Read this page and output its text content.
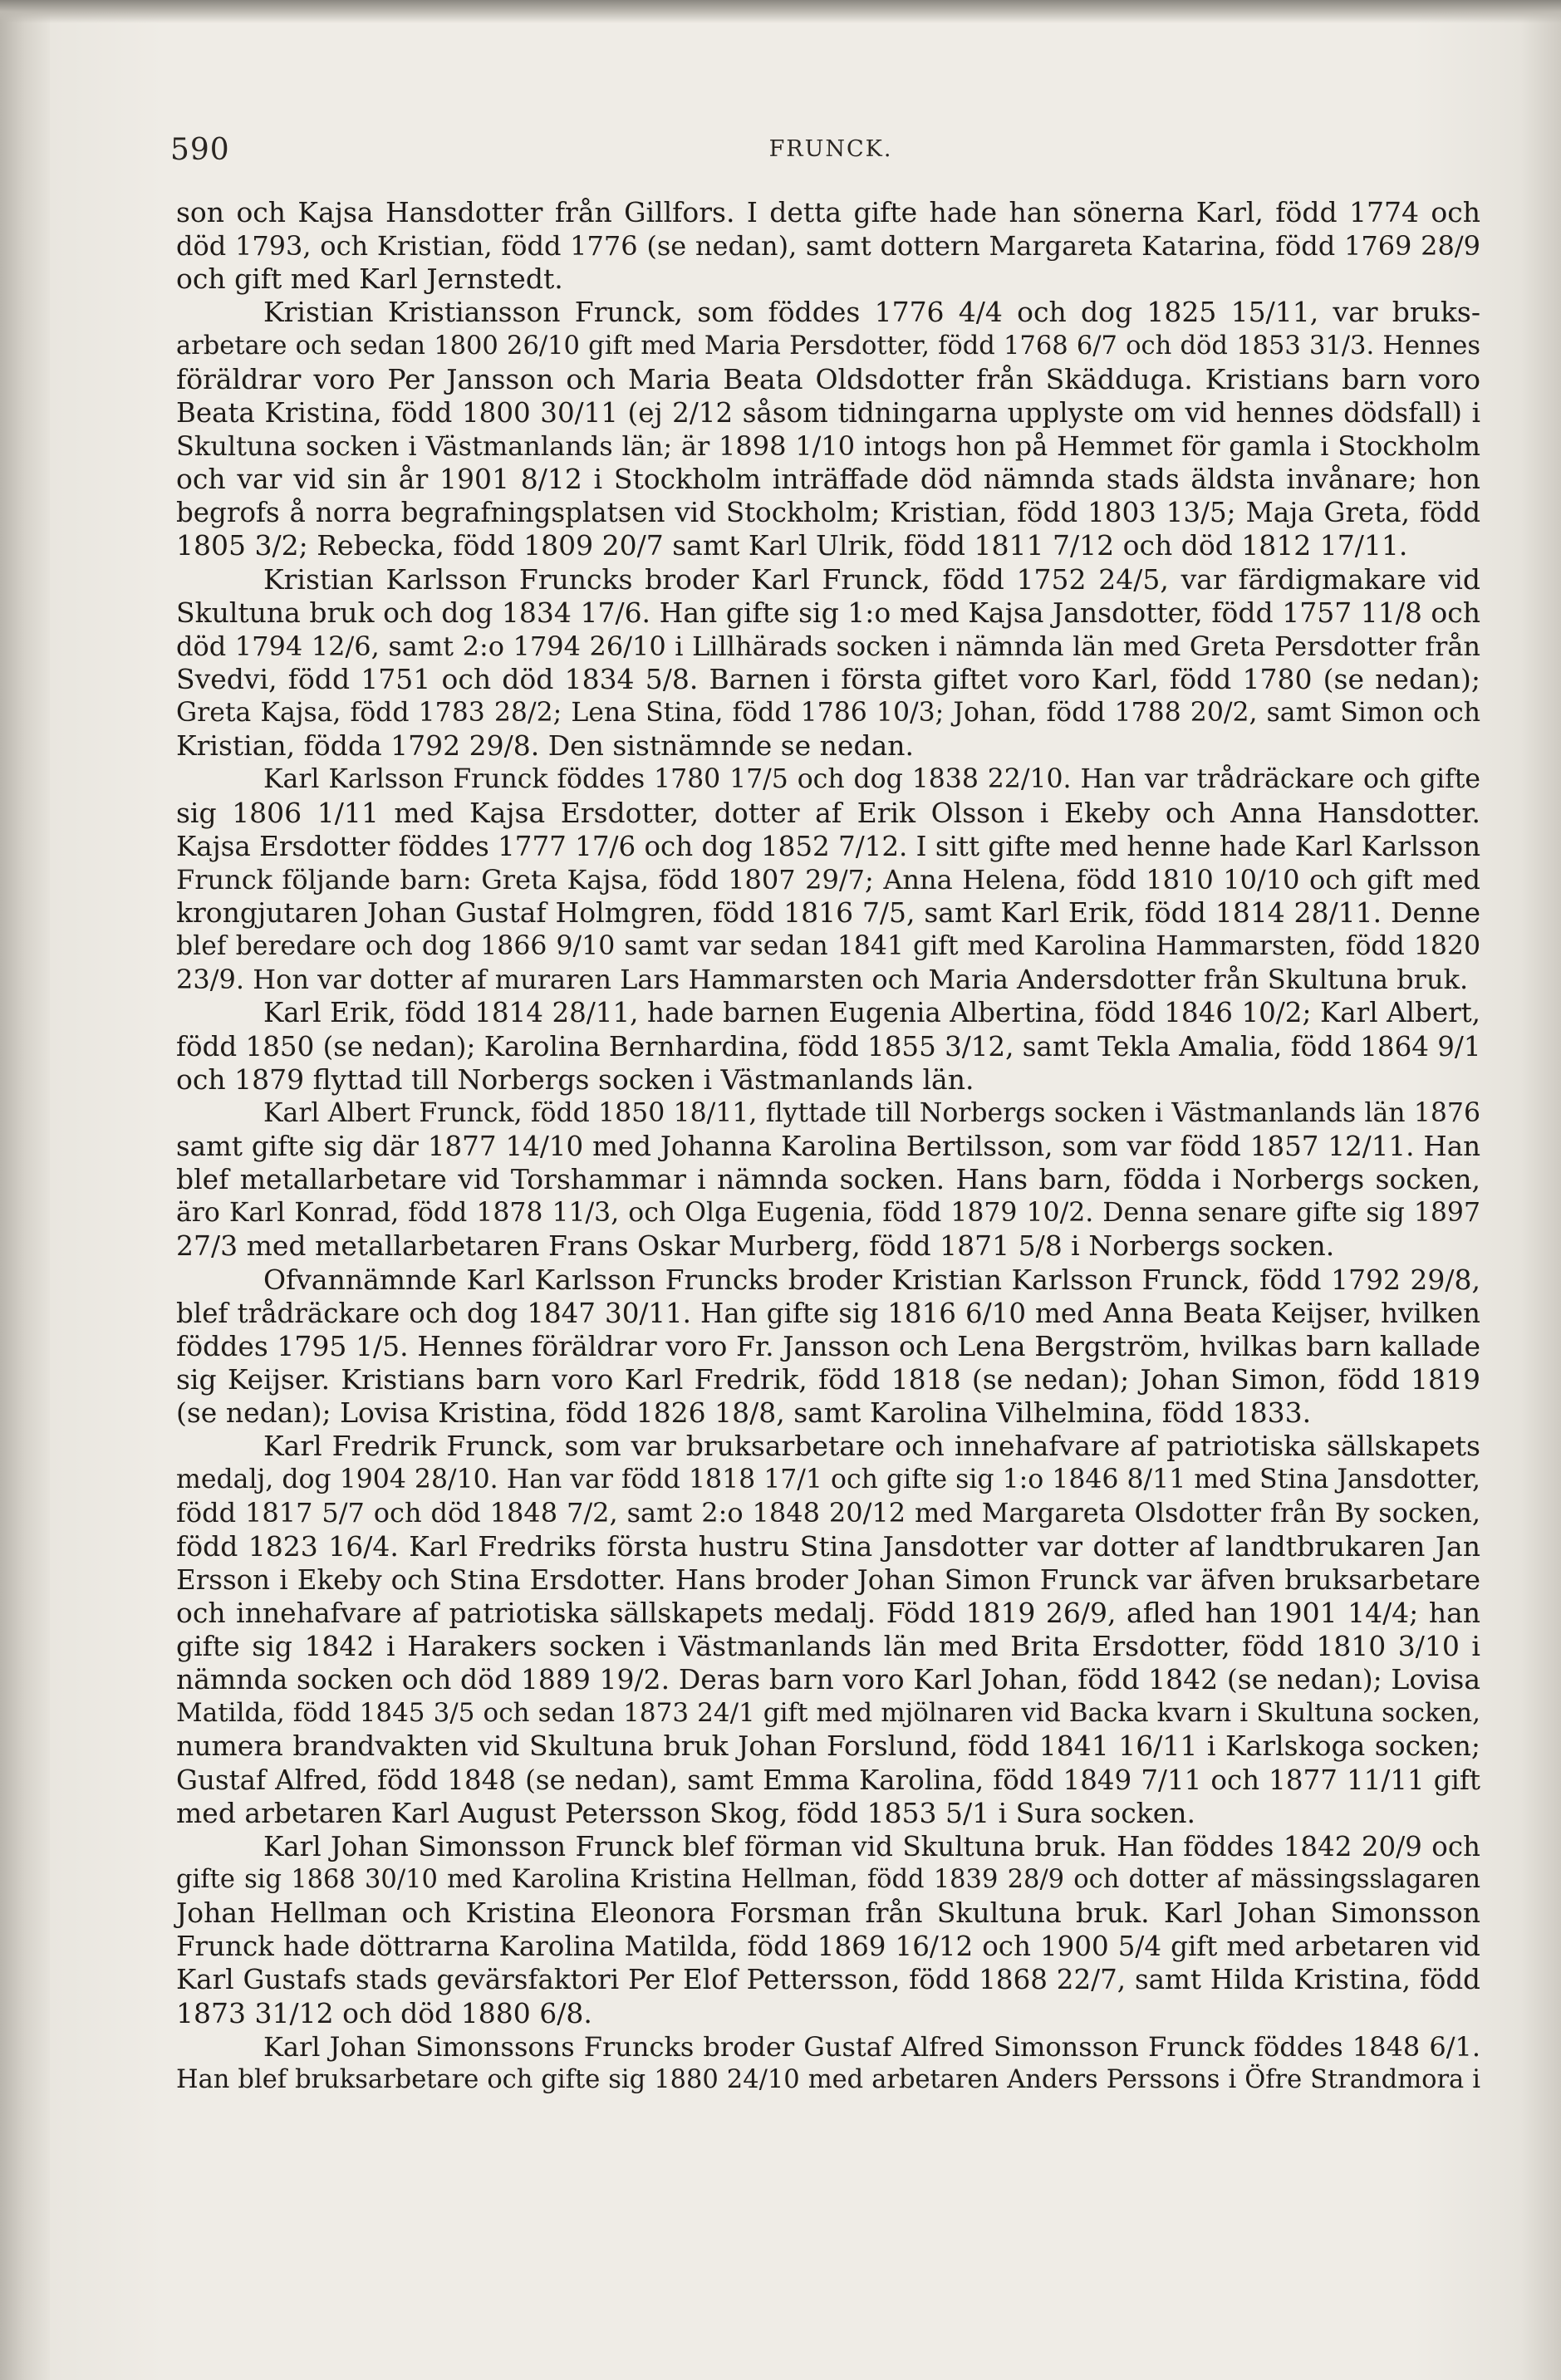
590	FRUNCK.
son och Kajsa Hansdotter från Gillfors. I detta gifte hade han sönerna Karl, född 1774 och
död 1793, och Kristian, född 1776 (se nedan), samt dottern Margareta Katarina, född 1769 28/9
och gift med Karl Jernstedt.
Kristian Kristiansson Frunck, som föddes 1776 4/4 och dog 1825 15/11, var bruks-
arbetare och sedan 1800 26/10 gift med Maria Persdotter, född 1768 6/7 och död 1853 31/3. Hennes
föräldrar voro Per Jansson och Maria Beata Oldsdotter från Skädduga. Kristians barn voro
Beata Kristina, född 1800 30/11 (ej 2/12 såsom tidningarna upplyste om vid hennes dödsfall) i
Skultuna socken i Västmanlands län; är 1898 1/10 intogs hon på Hemmet för gamla i Stockholm
och var vid sin år 1901 8/12 i Stockholm inträffade död nämnda stads äldsta invånare; hon
begrofs å norra begrafningsplatsen vid Stockholm; Kristian, född 1803 13/5; Maja Greta, född
1805 3/2; Rebecka, född 1809 20/7 samt Karl Ulrik, född 1811 7/12 och död 1812 17/11.
Kristian Karlsson Fruncks broder Karl Frunck, född 1752 24/5, var färdigmakare vid
Skultuna bruk och dog 1834 17/6. Han gifte sig 1:o med Kajsa Jansdotter, född 1757 11/8 och
död 1794 12/6, samt 2:o 1794 26/10 i Lillhärads socken i nämnda län med Greta Persdotter från
Svedvi, född 1751 och död 1834 5/8. Barnen i första giftet voro Karl, född 1780 (se nedan);
Greta Kajsa, född 1783 28/2; Lena Stina, född 1786 10/3; Johan, född 1788 20/2, samt Simon och
Kristian, födda 1792 29/8. Den sistnämnde se nedan.
Karl Karlsson Frunck föddes 1780 17/5 och dog 1838 22/10. Han var trådräckare och gifte
sig 1806 1/11 med Kajsa Ersdotter, dotter af Erik Olsson i Ekeby och Anna Hansdotter.
Kajsa Ersdotter föddes 1777 17/6 och dog 1852 7/12. I sitt gifte med henne hade Karl Karlsson
Frunck följande barn: Greta Kajsa, född 1807 29/7; Anna Helena, född 1810 10/10 och gift med
krongjutaren Johan Gustaf Holmgren, född 1816 7/5, samt Karl Erik, född 1814 28/11. Denne
blef beredare och dog 1866 9/10 samt var sedan 1841 gift med Karolina Hammarsten, född 1820
23/9. Hon var dotter af muraren Lars Hammarsten och Maria Andersdotter från Skultuna bruk.
Karl Erik, född 1814 28/11, hade barnen Eugenia Albertina, född 1846 10/2; Karl Albert,
född 1850 (se nedan); Karolina Bernhardina, född 1855 3/12, samt Tekla Amalia, född 1864 9/1
och 1879 flyttad till Norbergs socken i Västmanlands län.
Karl Albert Frunck, född 1850 18/11, flyttade till Norbergs socken i Västmanlands län 1876
samt gifte sig där 1877 14/10 med Johanna Karolina Bertilsson, som var född 1857 12/11. Han
blef metallarbetare vid Torshammar i nämnda socken. Hans barn, födda i Norbergs socken,
äro Karl Konrad, född 1878 11/3, och Olga Eugenia, född 1879 10/2. Denna senare gifte sig 1897
27/3 med metallarbetaren Frans Oskar Murberg, född 1871 5/8 i Norbergs socken.
Ofvannämnde Karl Karlsson Fruncks broder Kristian Karlsson Frunck, född 1792 29/8,
blef trådräckare och dog 1847 30/11. Han gifte sig 1816 6/10 med Anna Beata Keijser, hvilken
föddes 1795 1/5. Hennes föräldrar voro Fr. Jansson och Lena Bergström, hvilkas barn kallade
sig Keijser. Kristians barn voro Karl Fredrik, född 1818 (se nedan); Johan Simon, född 1819
(se nedan); Lovisa Kristina, född 1826 18/8, samt Karolina Vilhelmina, född 1833.
Karl Fredrik Frunck, som var bruksarbetare och innehafvare af patriotiska sällskapets
medalj, dog 1904 28/10. Han var född 1818 17/1 och gifte sig 1:o 1846 8/11 med Stina Jansdotter,
född 1817 5/7 och död 1848 7/2, samt 2:o 1848 20/12 med Margareta Olsdotter från By socken,
född 1823 16/4. Karl Fredriks första hustru Stina Jansdotter var dotter af landtbrukaren Jan
Ersson i Ekeby och Stina Ersdotter. Hans broder Johan Simon Frunck var äfven bruksarbetare
och innehafvare af patriotiska sällskapets medalj. Född 1819 26/9, afled han 1901 14/4; han
gifte sig 1842 i Harakers socken i Västmanlands län med Brita Ersdotter, född 1810 3/10 i
nämnda socken och död 1889 19/2. Deras barn voro Karl Johan, född 1842 (se nedan); Lovisa
Matilda, född 1845 3/5 och sedan 1873 24/1 gift med mjölnaren vid Backa kvarn i Skultuna socken,
numera brandvakten vid Skultuna bruk Johan Forslund, född 1841 16/11 i Karlskoga socken;
Gustaf Alfred, född 1848 (se nedan), samt Emma Karolina, född 1849 7/11 och 1877 11/11 gift
med arbetaren Karl August Petersson Skog, född 1853 5/1 i Sura socken.
Karl Johan Simonsson Frunck blef förman vid Skultuna bruk. Han föddes 1842 20/9 och
gifte sig 1868 30/10 med Karolina Kristina Hellman, född 1839 28/9 och dotter af mässingsslagaren
Johan Hellman och Kristina Eleonora Forsman från Skultuna bruk. Karl Johan Simonsson
Frunck hade döttrarna Karolina Matilda, född 1869 16/12 och 1900 5/4 gift med arbetaren vid
Karl Gustafs stads gevärsfaktori Per Elof Pettersson, född 1868 22/7, samt Hilda Kristina, född
1873 31/12 och död 1880 6/8.
Karl Johan Simonssons Fruncks broder Gustaf Alfred Simonsson Frunck föddes 1848 6/1.
Han blef bruksarbetare och gifte sig 1880 24/10 med arbetaren Anders Perssons i Öfre Strandmora i
